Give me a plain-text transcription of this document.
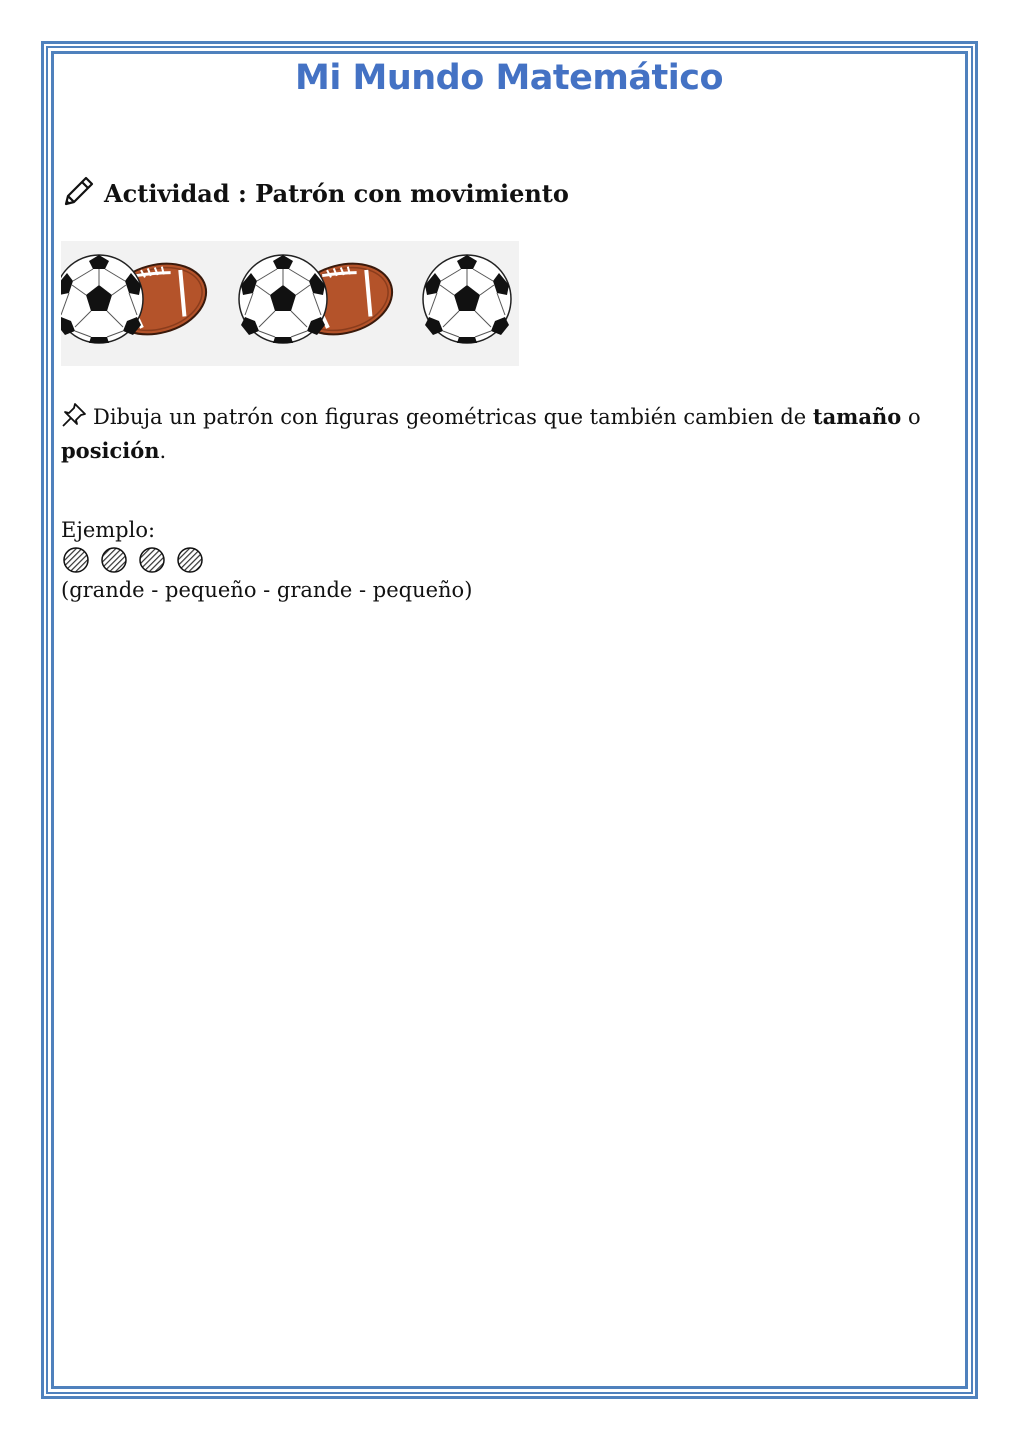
Mi Mundo Matemático
Actividad : Patrón con movimiento
Dibuja un patrón con figuras geométricas que también cambien de tamaño o posición.
Ejemplo:
(grande - pequeño - grande - pequeño)
